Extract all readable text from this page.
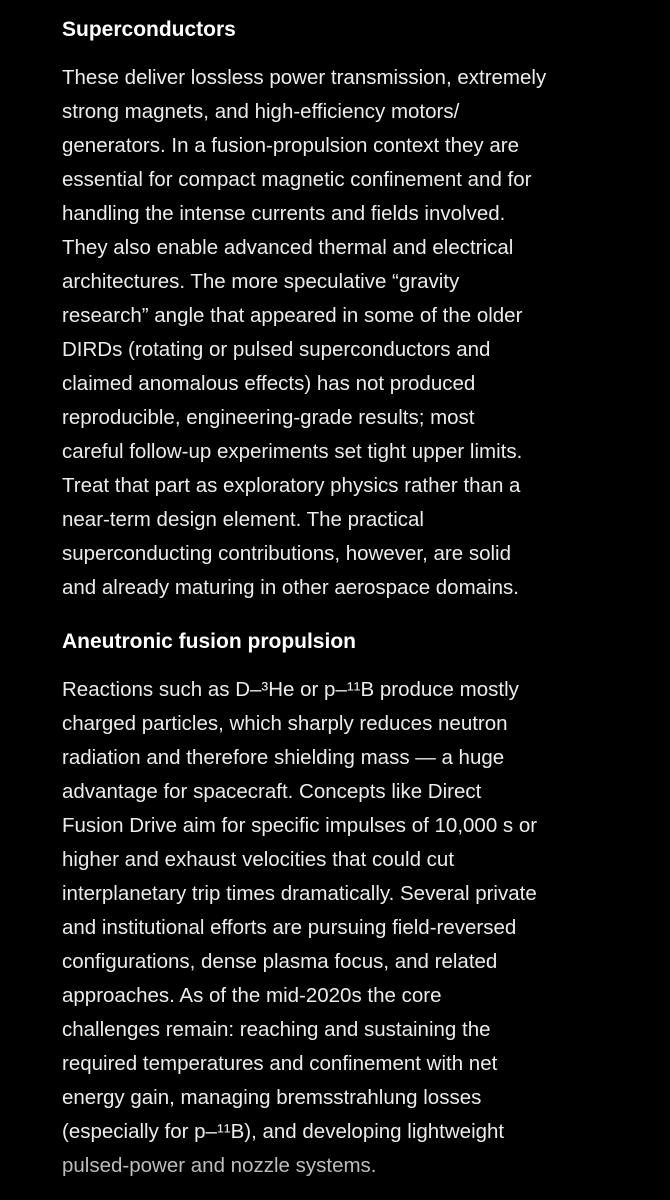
Superconductors

These deliver lossless power transmission, extremely
strong magnets, and high-efficiency motors/
generators. In a fusion-propulsion context they are
essential for compact magnetic confinement and for
handling the intense currents and fields involved.
They also enable advanced thermal and electrical
architectures. The more speculative “gravity
research” angle that appeared in some of the older
DIRDs (rotating or pulsed superconductors and
claimed anomalous effects) has not produced
reproducible, engineering-grade results; most
careful follow-up experiments set tight upper limits.
Treat that part as exploratory physics rather than a
near-term design element. The practical
superconducting contributions, however, are solid
and already maturing in other aerospace domains.

Aneutronic fusion propulsion

Reactions such as D–³He or p–¹¹B produce mostly
charged particles, which sharply reduces neutron
radiation and therefore shielding mass — a huge
advantage for spacecraft. Concepts like Direct
Fusion Drive aim for specific impulses of 10,000 s or
higher and exhaust velocities that could cut
interplanetary trip times dramatically. Several private
and institutional efforts are pursuing field-reversed
configurations, dense plasma focus, and related
approaches. As of the mid-2020s the core
challenges remain: reaching and sustaining the
required temperatures and confinement with net
energy gain, managing bremsstrahlung losses
(especially for p–¹¹B), and developing lightweight
pulsed-power and nozzle systems.
